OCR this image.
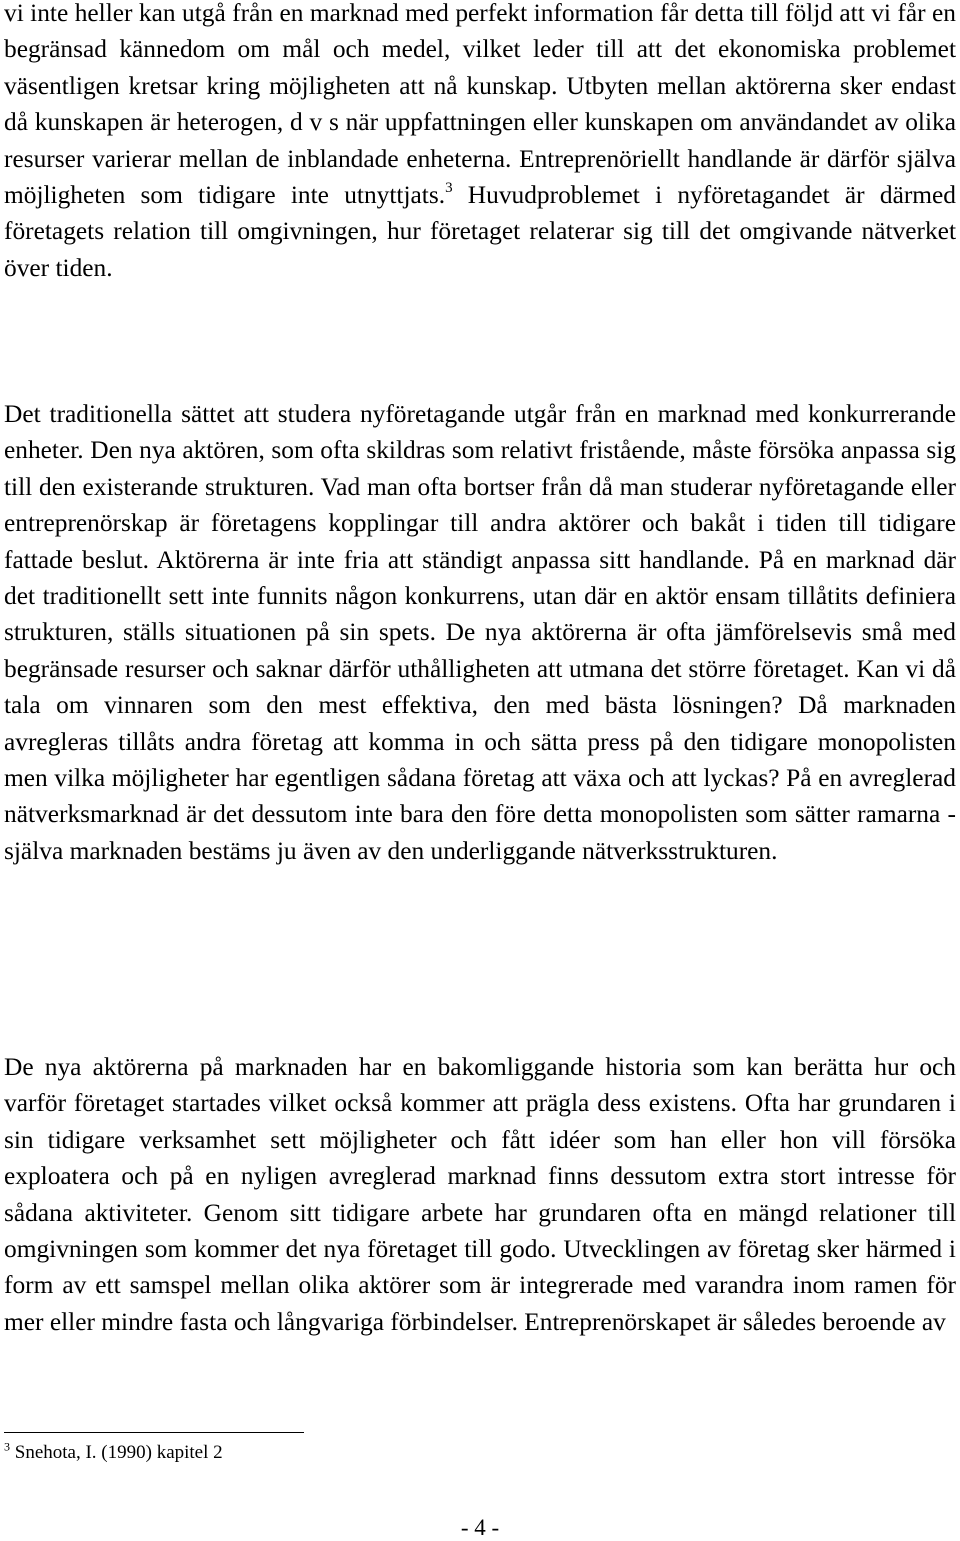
vi inte heller kan utgå från en marknad med perfekt information får detta till följd att vi får en begränsad kännedom om mål och medel, vilket leder till att det ekonomiska problemet väsentligen kretsar kring möjligheten att nå kunskap. Utbyten mellan aktörerna sker endast då kunskapen är heterogen, d v s när uppfattningen eller kunskapen om användandet av olika resurser varierar mellan de inblandade enheterna. Entreprenöriellt handlande är därför själva möjligheten som tidigare inte utnyttjats.$^3$ Huvudproblemet i nyföretagandet är därmed företagets relation till omgivningen, hur företaget relaterar sig till det omgivande nätverket över tiden.

Det traditionella sättet att studera nyföretagande utgår från en marknad med konkurrerande enheter. Den nya aktören, som ofta skildras som relativt fristående, måste försöka anpassa sig till den existerande strukturen. Vad man ofta bortser från då man studerar nyföretagande eller entreprenörskap är företagens kopplingar till andra aktörer och bakåt i tiden till tidigare fattade beslut. Aktörerna är inte fria att ständigt anpassa sitt handlande. På en marknad där det traditionellt sett inte funnits någon konkurrens, utan där en aktör ensam tillåtits definiera strukturen, ställs situationen på sin spets. De nya aktörerna är ofta jämförelsevis små med begränsade resurser och saknar därför uthålligheten att utmana det större företaget. Kan vi då tala om vinnaren som den mest effektiva, den med bästa lösningen? Då marknaden avregleras tillåts andra företag att komma in och sätta press på den tidigare monopolisten men vilka möjligheter har egentligen sådana företag att växa och att lyckas? På en avreglerad nätverksmarknad är det dessutom inte bara den före detta monopolisten som sätter ramarna - själva marknaden bestäms ju även av den underliggande nätverksstrukturen.

De nya aktörerna på marknaden har en bakomliggande historia som kan berätta hur och varför företaget startades vilket också kommer att prägla dess existens. Ofta har grundaren i sin tidigare verksamhet sett möjligheter och fått idéer som han eller hon vill försöka exploatera och på en nyligen avreglerad marknad finns dessutom extra stort intresse för sådana aktiviteter. Genom sitt tidigare arbete har grundaren ofta en mängd relationer till omgivningen som kommer det nya företaget till godo. Utvecklingen av företag sker härmed i form av ett samspel mellan olika aktörer som är integrerade med varandra inom ramen för mer eller mindre fasta och långvariga förbindelser. Entreprenörskapet är således beroende av

$^3$ Snehota, I. (1990) kapitel 2
- 4 -
